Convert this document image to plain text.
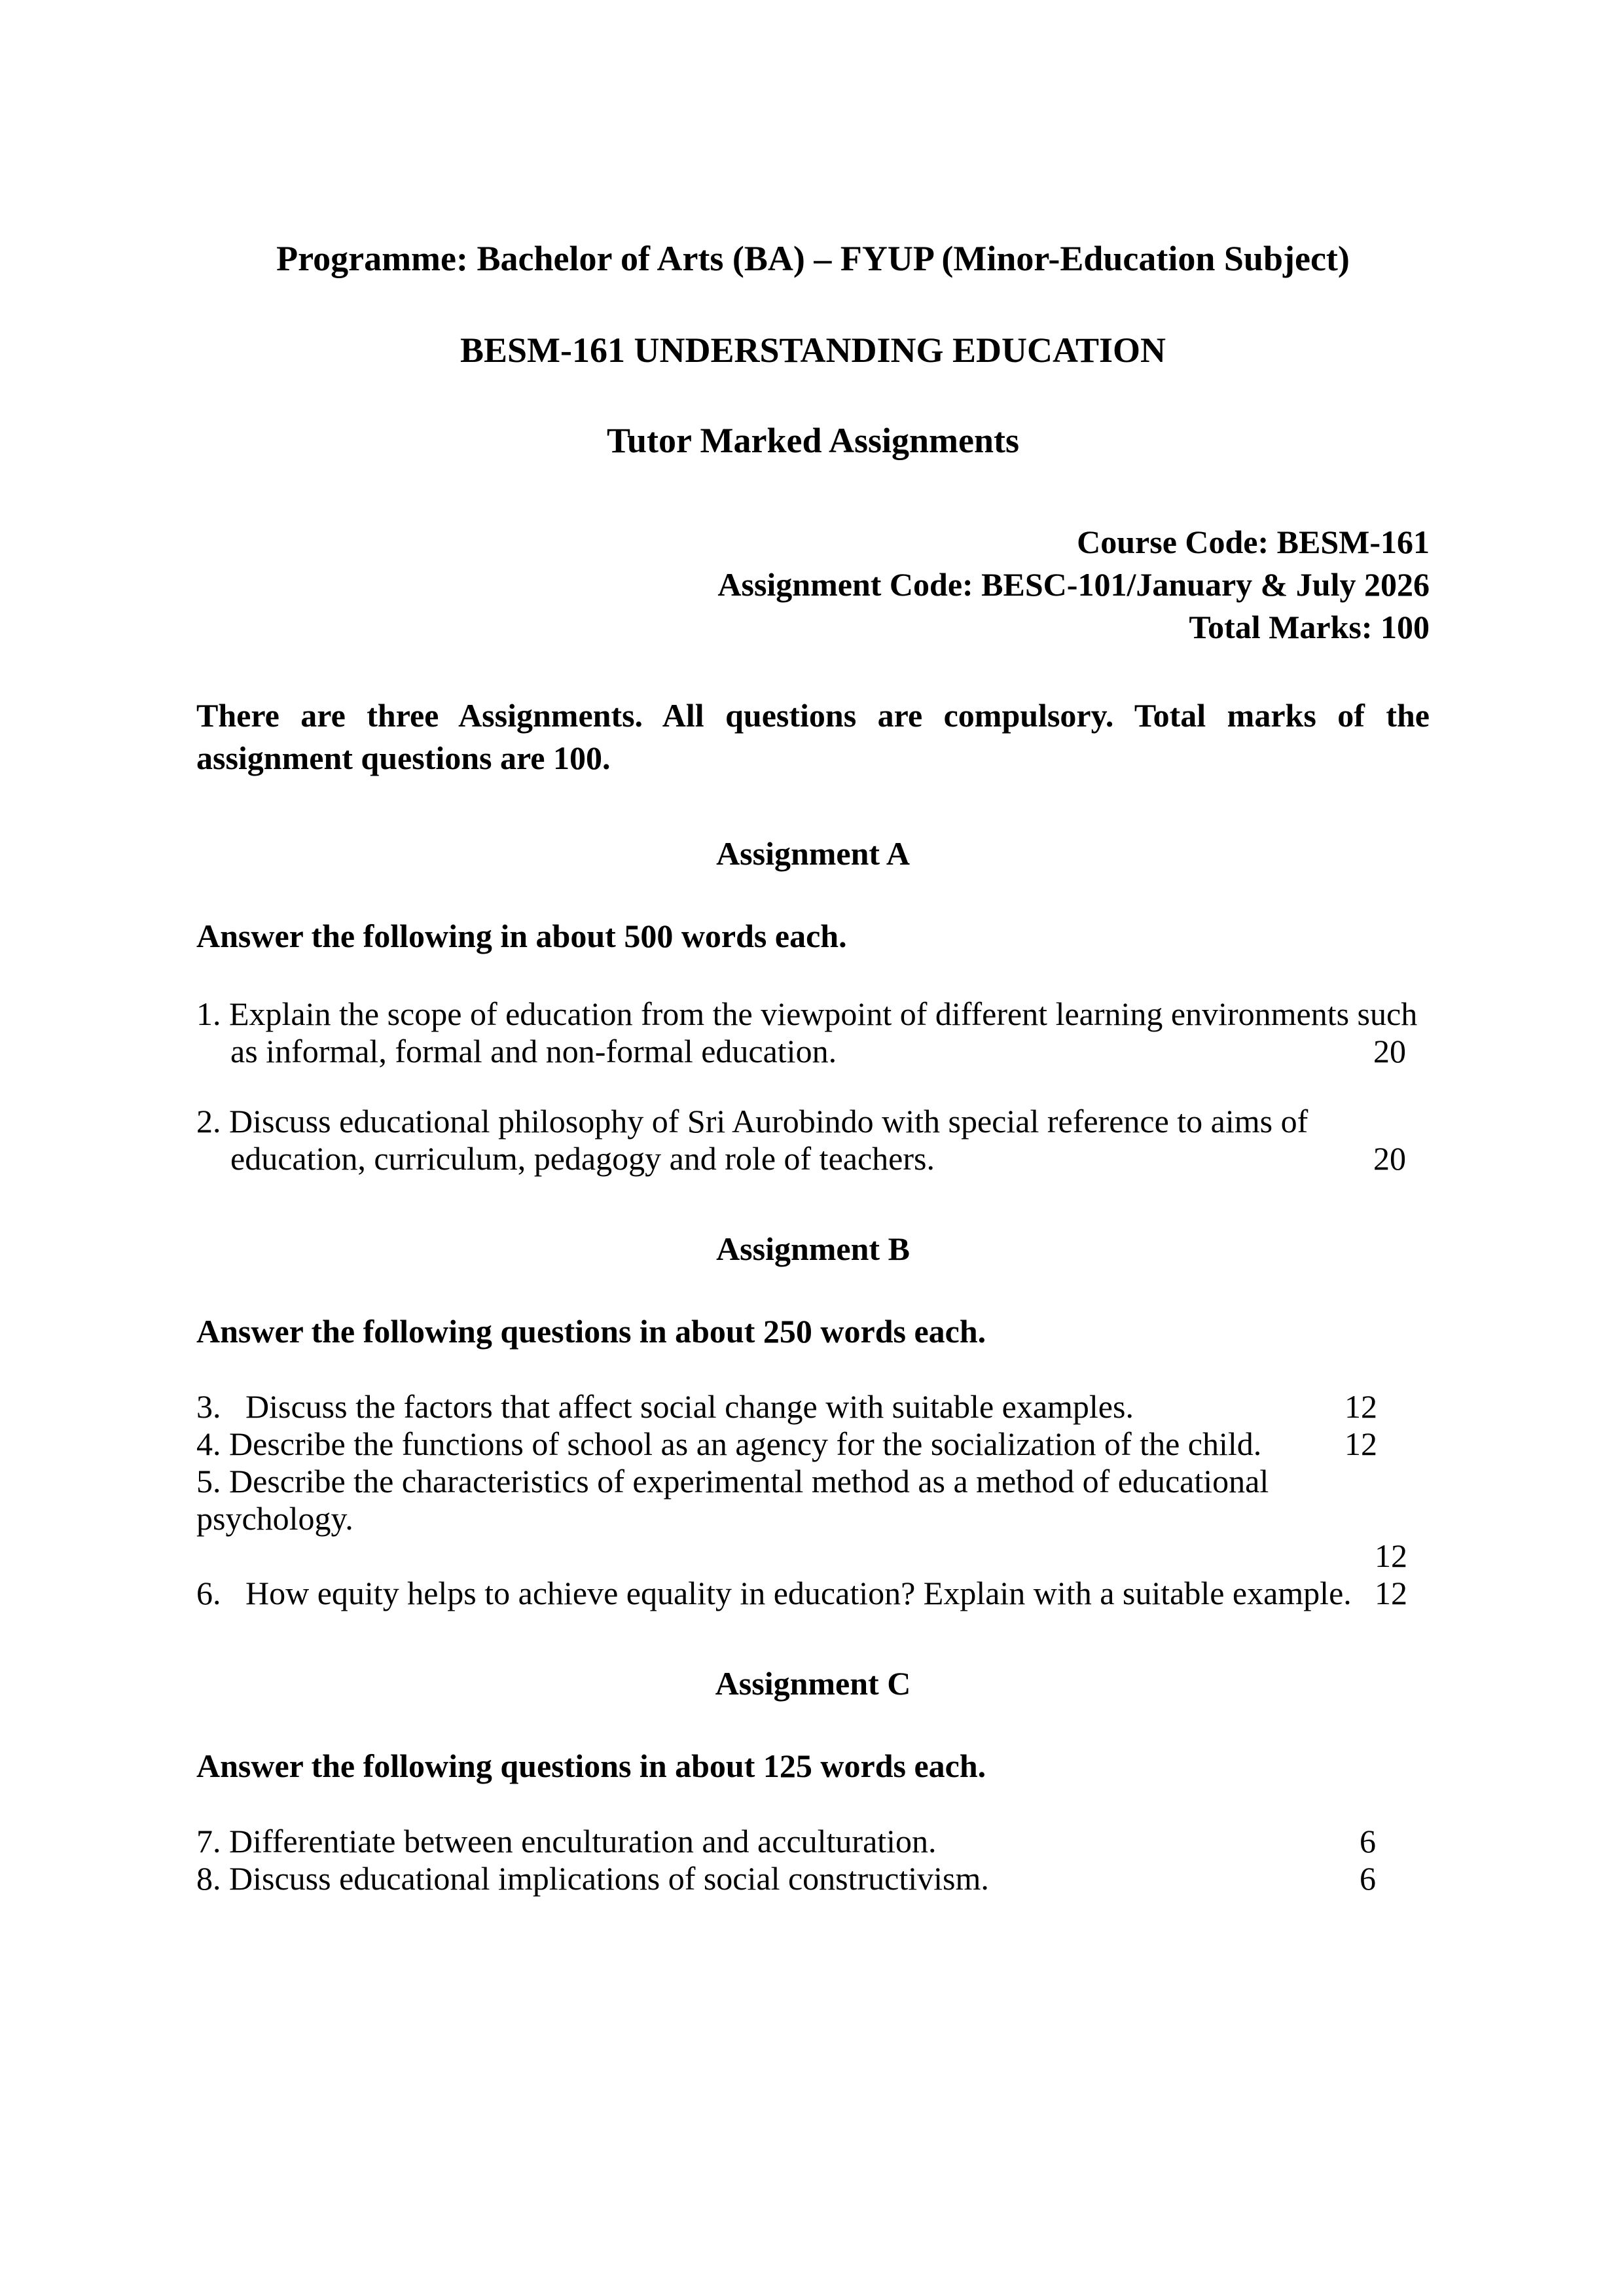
Programme: Bachelor of Arts (BA) – FYUP (Minor-Education Subject)
BESM-161 UNDERSTANDING EDUCATION
Tutor Marked Assignments
Course Code: BESM-161
Assignment Code: BESC-101/January & July 2026
Total Marks: 100
There are three Assignments. All questions are compulsory. Total marks of the assignment questions are 100.
Assignment A
Answer the following in about 500 words each.
1. Explain the scope of education from the viewpoint of different learning environments such as informal, formal and non-formal education.	20
2. Discuss educational philosophy of Sri Aurobindo with special reference to aims of education, curriculum, pedagogy and role of teachers.	20
Assignment B
Answer the following questions in about 250 words each.
3. Discuss the factors that affect social change with suitable examples.	12
4. Describe the functions of school as an agency for the socialization of the child.	12
5. Describe the characteristics of experimental method as a method of educational psychology.
12
6. How equity helps to achieve equality in education? Explain with a suitable example. 12
Assignment C
Answer the following questions in about 125 words each.
7. Differentiate between enculturation and acculturation.	6
8. Discuss educational implications of social constructivism.	6
